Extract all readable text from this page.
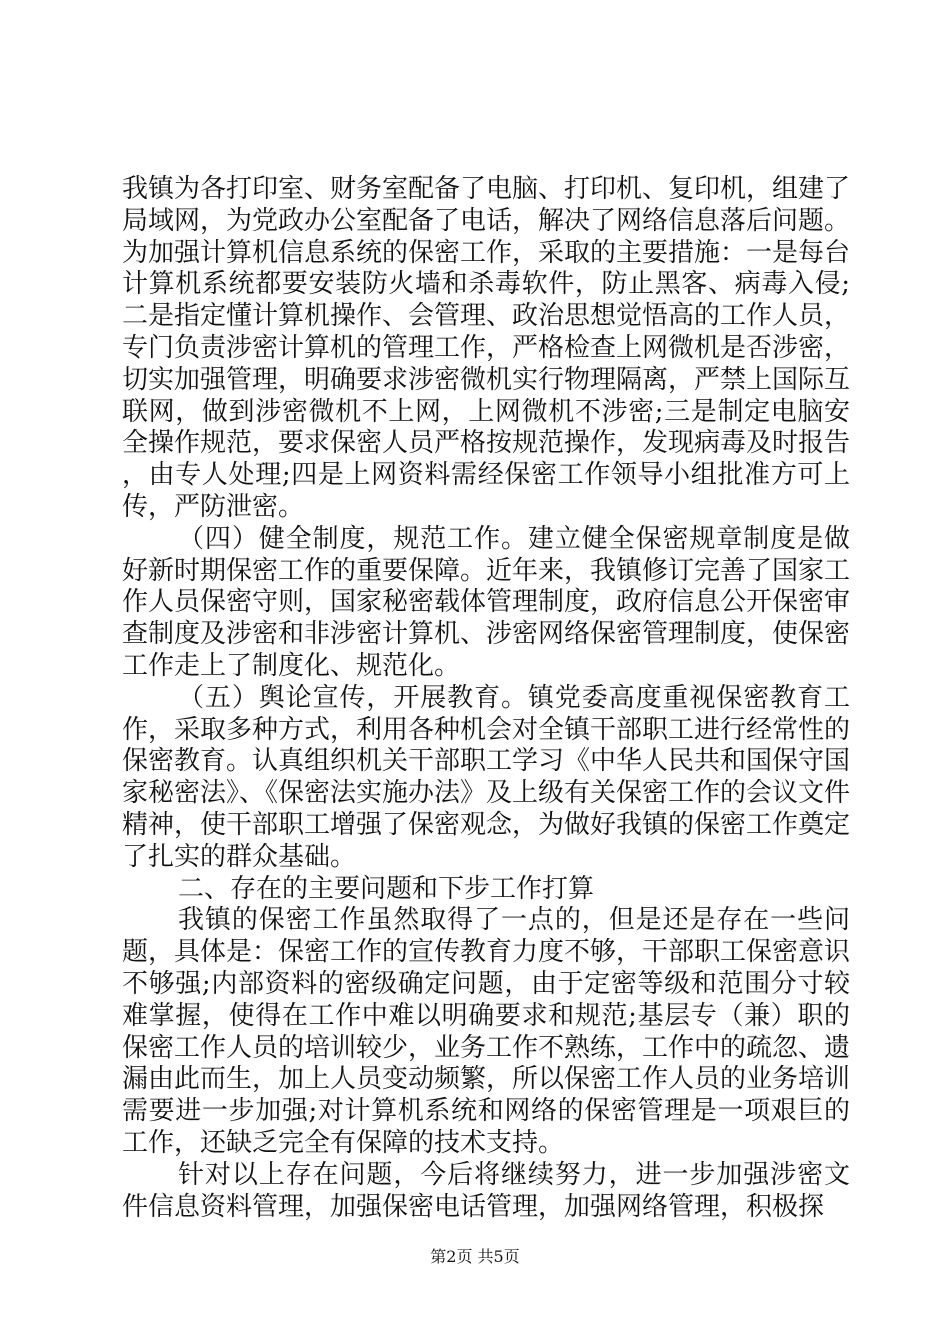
我镇为各打印室、财务室配备了电脑、打印机、复印机，组建了局域网，为党政办公室配备了电话，解决了网络信息落后问题。为加强计算机信息系统的保密工作，采取的主要措施：一是每台计算机系统都要安装防火墙和杀毒软件，防止黑客、病毒入侵;二是指定懂计算机操作、会管理、政治思想觉悟高的工作人员，专门负责涉密计算机的管理工作，严格检查上网微机是否涉密，切实加强管理，明确要求涉密微机实行物理隔离，严禁上国际互联网，做到涉密微机不上网，上网微机不涉密;三是制定电脑安全操作规范，要求保密人员严格按规范操作，发现病毒及时报告，由专人处理;四是上网资料需经保密工作领导小组批准方可上传，严防泄密。

（四）健全制度，规范工作。建立健全保密规章制度是做好新时期保密工作的重要保障。近年来，我镇修订完善了国家工作人员保密守则，国家秘密载体管理制度，政府信息公开保密审查制度及涉密和非涉密计算机、涉密网络保密管理制度，使保密工作走上了制度化、规范化。

（五）舆论宣传，开展教育。镇党委高度重视保密教育工作，采取多种方式，利用各种机会对全镇干部职工进行经常性的保密教育。认真组织机关干部职工学习《中华人民共和国保守国家秘密法》、《保密法实施办法》及上级有关保密工作的会议文件精神，使干部职工增强了保密观念，为做好我镇的保密工作奠定了扎实的群众基础。

二、存在的主要问题和下步工作打算

我镇的保密工作虽然取得了一点的，但是还是存在一些问题，具体是：保密工作的宣传教育力度不够，干部职工保密意识不够强;内部资料的密级确定问题，由于定密等级和范围分寸较难掌握，使得在工作中难以明确要求和规范;基层专（兼）职的保密工作人员的培训较少，业务工作不熟练，工作中的疏忽、遗漏由此而生，加上人员变动频繁，所以保密工作人员的业务培训需要进一步加强;对计算机系统和网络的保密管理是一项艰巨的工作，还缺乏完全有保障的技术支持。

针对以上存在问题，今后将继续努力，进一步加强涉密文件信息资料管理，加强保密电话管理，加强网络管理，积极探

第2页 共5页
